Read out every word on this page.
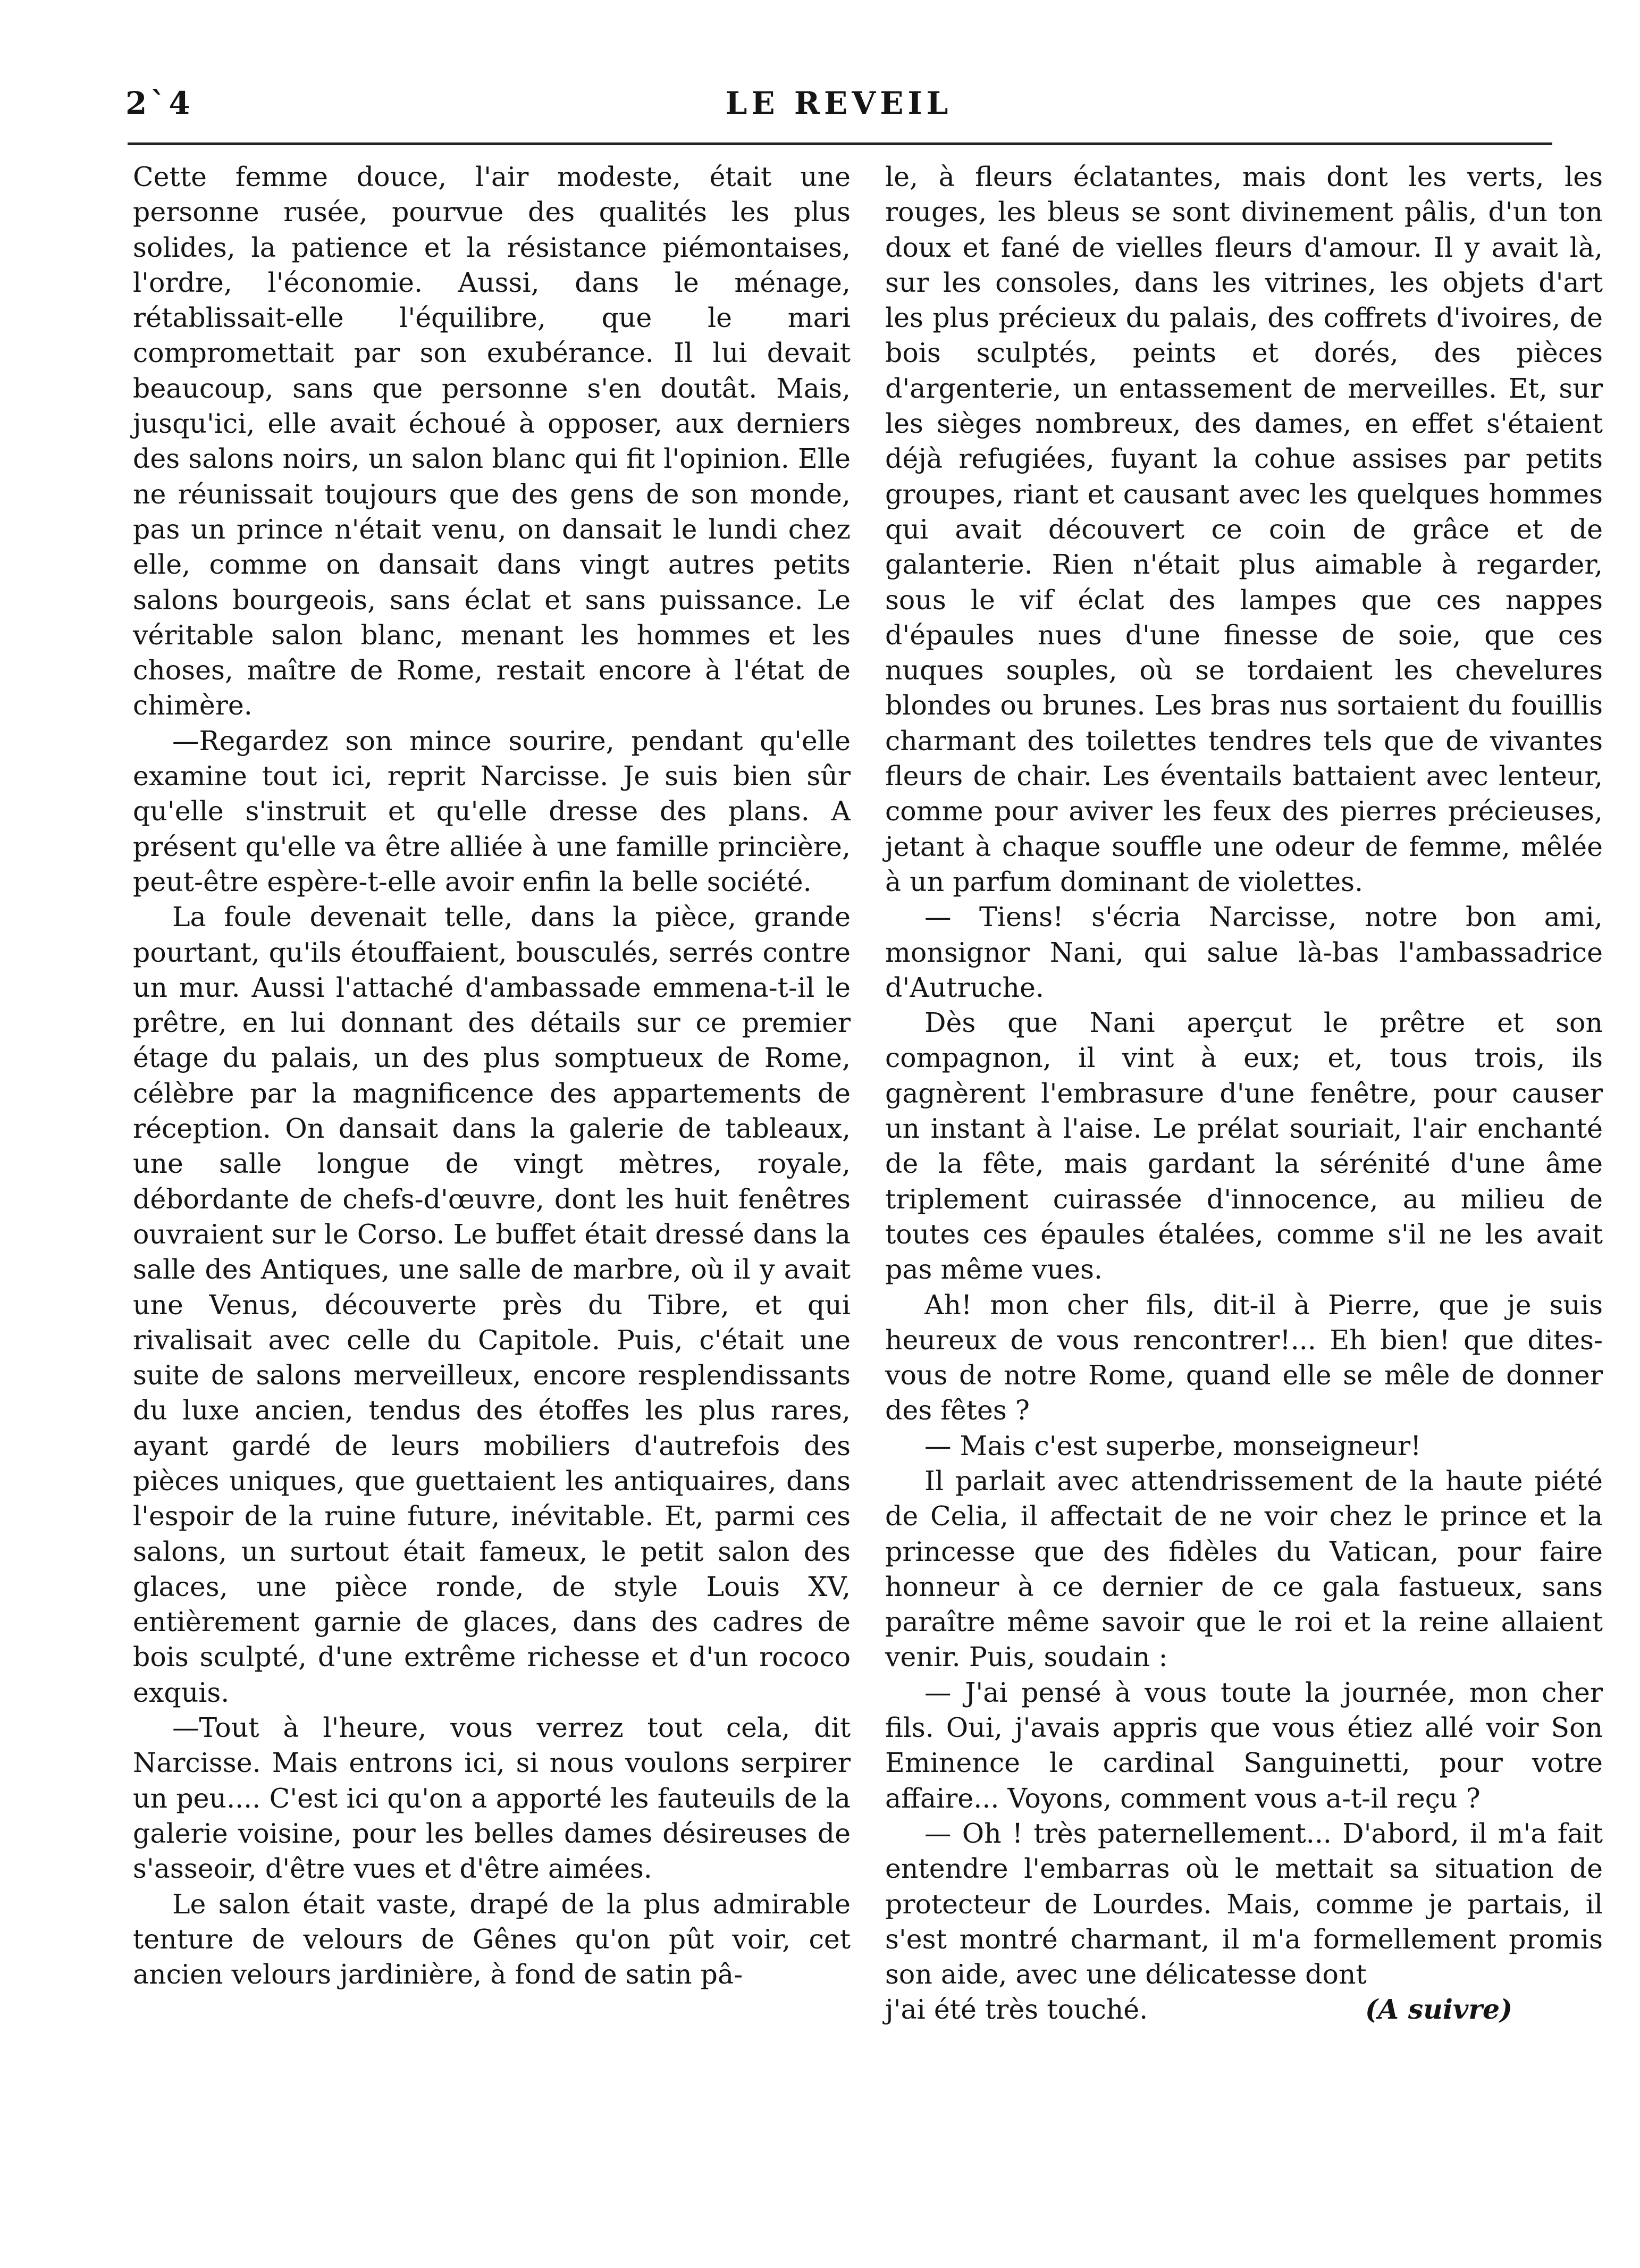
2`4	LE REVEIL

Cette femme douce, l'air modeste, était une personne rusée, pourvue des qualités les plus solides, la patience et la résistance piémontaises, l'ordre, l'économie. Aussi, dans le ménage, rétablissait-elle l'équilibre, que le mari compromettait par son exubérance. Il lui devait beaucoup, sans que personne s'en doutât. Mais, jusqu'ici, elle avait échoué à opposer, aux derniers des salons noirs, un salon blanc qui fit l'opinion. Elle ne réunissait toujours que des gens de son monde, pas un prince n'était venu, on dansait le lundi chez elle, comme on dansait dans vingt autres petits salons bourgeois, sans éclat et sans puissance. Le véritable salon blanc, menant les hommes et les choses, maître de Rome, restait encore à l'état de chimère.

—Regardez son mince sourire, pendant qu'elle examine tout ici, reprit Narcisse. Je suis bien sûr qu'elle s'instruit et qu'elle dresse des plans. A présent qu'elle va être alliée à une famille princière, peut-être espère-t-elle avoir enfin la belle société.

La foule devenait telle, dans la pièce, grande pourtant, qu'ils étouffaient, bousculés, serrés contre un mur. Aussi l'attaché d'ambassade emmena-t-il le prêtre, en lui donnant des détails sur ce premier étage du palais, un des plus somptueux de Rome, célèbre par la magnificence des appartements de réception. On dansait dans la galerie de tableaux, une salle longue de vingt mètres, royale, débordante de chefs-d'œuvre, dont les huit fenêtres ouvraient sur le Corso. Le buffet était dressé dans la salle des Antiques, une salle de marbre, où il y avait une Venus, découverte près du Tibre, et qui rivalisait avec celle du Capitole. Puis, c'était une suite de salons merveilleux, encore resplendissants du luxe ancien, tendus des étoffes les plus rares, ayant gardé de leurs mobiliers d'autrefois des pièces uniques, que guettaient les antiquaires, dans l'espoir de la ruine future, inévitable. Et, parmi ces salons, un surtout était fameux, le petit salon des glaces, une pièce ronde, de style Louis XV, entièrement garnie de glaces, dans des cadres de bois sculpté, d'une extrême richesse et d'un rococo exquis.

—Tout à l'heure, vous verrez tout cela, dit Narcisse. Mais entrons ici, si nous voulons serpirer un peu.... C'est ici qu'on a apporté les fauteuils de la galerie voisine, pour les belles dames désireuses de s'asseoir, d'être vues et d'être aimées.

Le salon était vaste, drapé de la plus admirable tenture de velours de Gênes qu'on pût voir, cet ancien velours jardinière, à fond de satin pâ-

le, à fleurs éclatantes, mais dont les verts, les rouges, les bleus se sont divinement pâlis, d'un ton doux et fané de vielles fleurs d'amour. Il y avait là, sur les consoles, dans les vitrines, les objets d'art les plus précieux du palais, des coffrets d'ivoires, de bois sculptés, peints et dorés, des pièces d'argenterie, un entassement de merveilles. Et, sur les sièges nombreux, des dames, en effet s'étaient déjà refugiées, fuyant la cohue assises par petits groupes, riant et causant avec les quelques hommes qui avait découvert ce coin de grâce et de galanterie. Rien n'était plus aimable à regarder, sous le vif éclat des lampes que ces nappes d'épaules nues d'une finesse de soie, que ces nuques souples, où se tordaient les chevelures blondes ou brunes. Les bras nus sortaient du fouillis charmant des toilettes tendres tels que de vivantes fleurs de chair. Les éventails battaient avec lenteur, comme pour aviver les feux des pierres précieuses, jetant à chaque souffle une odeur de femme, mêlée à un parfum dominant de violettes.

— Tiens! s'écria Narcisse, notre bon ami, monsignor Nani, qui salue là-bas l'ambassadrice d'Autruche.

Dès que Nani aperçut le prêtre et son compagnon, il vint à eux; et, tous trois, ils gagnèrent l'embrasure d'une fenêtre, pour causer un instant à l'aise. Le prélat souriait, l'air enchanté de la fête, mais gardant la sérénité d'une âme triplement cuirassée d'innocence, au milieu de toutes ces épaules étalées, comme s'il ne les avait pas même vues.

Ah! mon cher fils, dit-il à Pierre, que je suis heureux de vous rencontrer!... Eh bien! que dites-vous de notre Rome, quand elle se mêle de donner des fêtes ?

— Mais c'est superbe, monseigneur!

Il parlait avec attendrissement de la haute piété de Celia, il affectait de ne voir chez le prince et la princesse que des fidèles du Vatican, pour faire honneur à ce dernier de ce gala fastueux, sans paraître même savoir que le roi et la reine allaient venir. Puis, soudain :

— J'ai pensé à vous toute la journée, mon cher fils. Oui, j'avais appris que vous étiez allé voir Son Eminence le cardinal Sanguinetti, pour votre affaire... Voyons, comment vous a-t-il reçu ?

— Oh ! très paternellement... D'abord, il m'a fait entendre l'embarras où le mettait sa situation de protecteur de Lourdes. Mais, comme je partais, il s'est montré charmant, il m'a formellement promis son aide, avec une délicatesse dont

j'ai été très touché.	(A suivre)
